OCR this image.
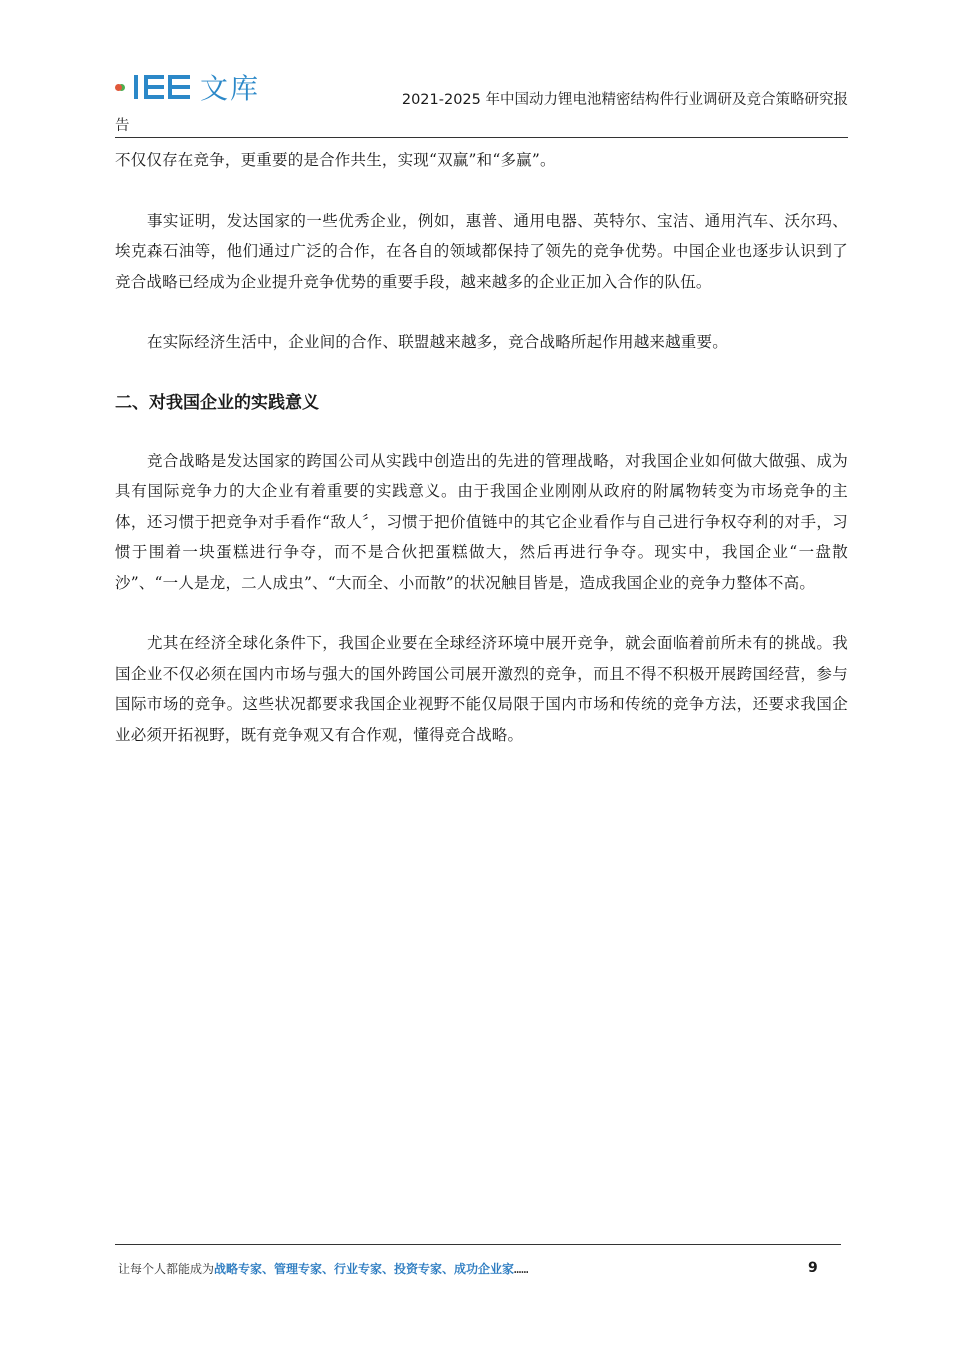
文库	2021-2025 年中国动力锂电池精密结构件行业调研及竞合策略研究报
告

不仅仅存在竞争，更重要的是合作共生，实现“双赢”和“多赢”。

事实证明，发达国家的一些优秀企业，例如，惠普、通用电器、英特尔、宝洁、通用汽车、沃尔玛、埃克森石油等，他们通过广泛的合作，在各自的领域都保持了领先的竞争优势。中国企业也逐步认识到了竞合战略已经成为企业提升竞争优势的重要手段，越来越多的企业正加入合作的队伍。

在实际经济生活中，企业间的合作、联盟越来越多，竞合战略所起作用越来越重要。

二、对我国企业的实践意义

竞合战略是发达国家的跨国公司从实践中创造出的先进的管理战略，对我国企业如何做大做强、成为具有国际竞争力的大企业有着重要的实践意义。由于我国企业刚刚从政府的附属物转变为市场竞争的主体，还习惯于把竞争对手看作“敌人〞，习惯于把价值链中的其它企业看作与自己进行争权夺利的对手，习惯于围着一块蛋糕进行争夺，而不是合伙把蛋糕做大，然后再进行争夺。现实中，我国企业“一盘散沙”、“一人是龙，二人成虫”、“大而全、小而散”的状况触目皆是，造成我国企业的竞争力整体不高。

尤其在经济全球化条件下，我国企业要在全球经济环境中展开竞争，就会面临着前所未有的挑战。我国企业不仅必须在国内市场与强大的国外跨国公司展开激烈的竞争，而且不得不积极开展跨国经营，参与国际市场的竞争。这些状况都要求我国企业视野不能仅局限于国内市场和传统的竞争方法，还要求我国企业必须开拓视野，既有竞争观又有合作观，懂得竞合战略。

让每个人都能成为战略专家、管理专家、行业专家、投资专家、成功企业家……	9
